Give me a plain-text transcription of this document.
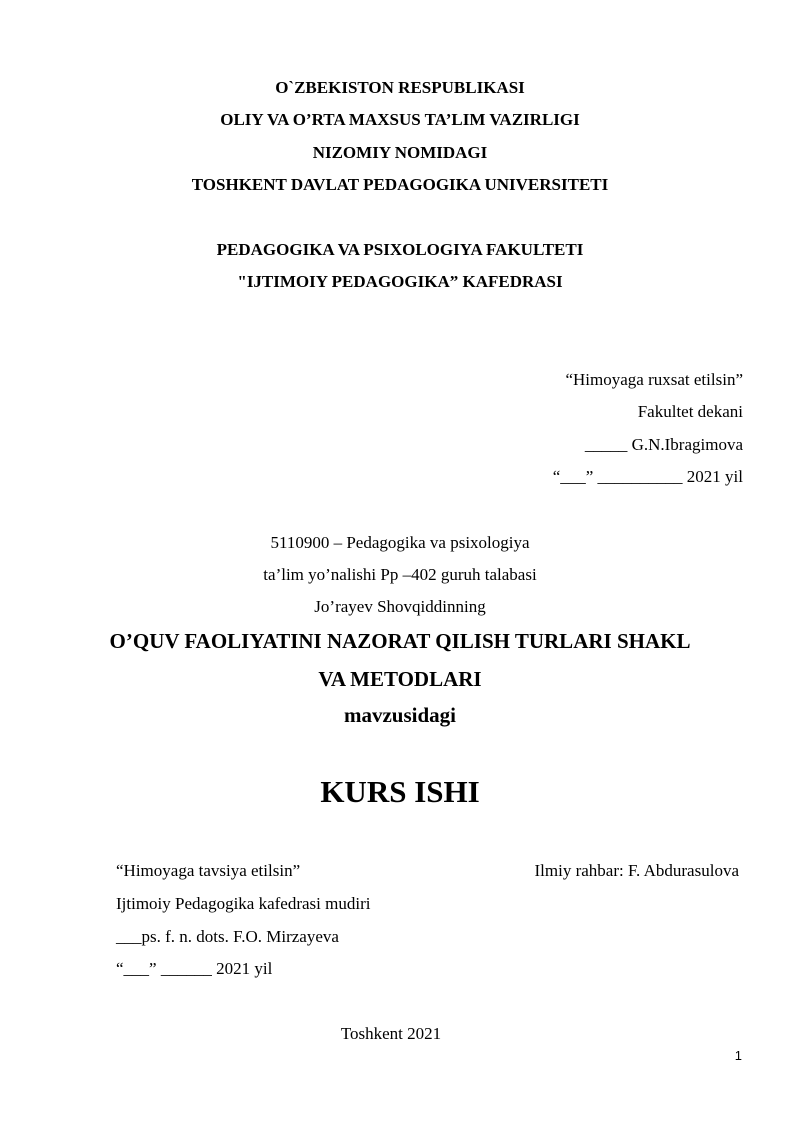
O`ZBEKISTON RESPUBLIKASI
OLIY VA O’RTA MAXSUS TA’LIM VAZIRLIGI
NIZOMIY NOMIDAGI
TOSHKENT DAVLAT PEDAGOGIKA UNIVERSITETI
PEDAGOGIKA VA PSIXOLOGIYA FAKULTETI
"IJTIMOIY PEDAGOGIKA” KAFEDRASI
“Himoyaga ruxsat etilsin”
Fakultet dekani
_____ G.N.Ibragimova
“___” __________ 2021 yil
5110900 – Pedagogika va psixologiya
ta’lim yo’nalishi Pp –402 guruh talabasi
Jo’rayev Shovqiddinning
O’QUV FAOLIYATINI NAZORAT QILISH TURLARI SHAKL
VA METODLARI
mavzusidagi
KURS ISHI
“Himoyaga tavsiya etilsin”	Ilmiy rahbar: F. Abdurasulova
Ijtimoiy Pedagogika kafedrasi mudiri
___ps. f. n. dots. F.O. Mirzayeva
“___” ______ 2021 yil
Toshkent 2021
1
